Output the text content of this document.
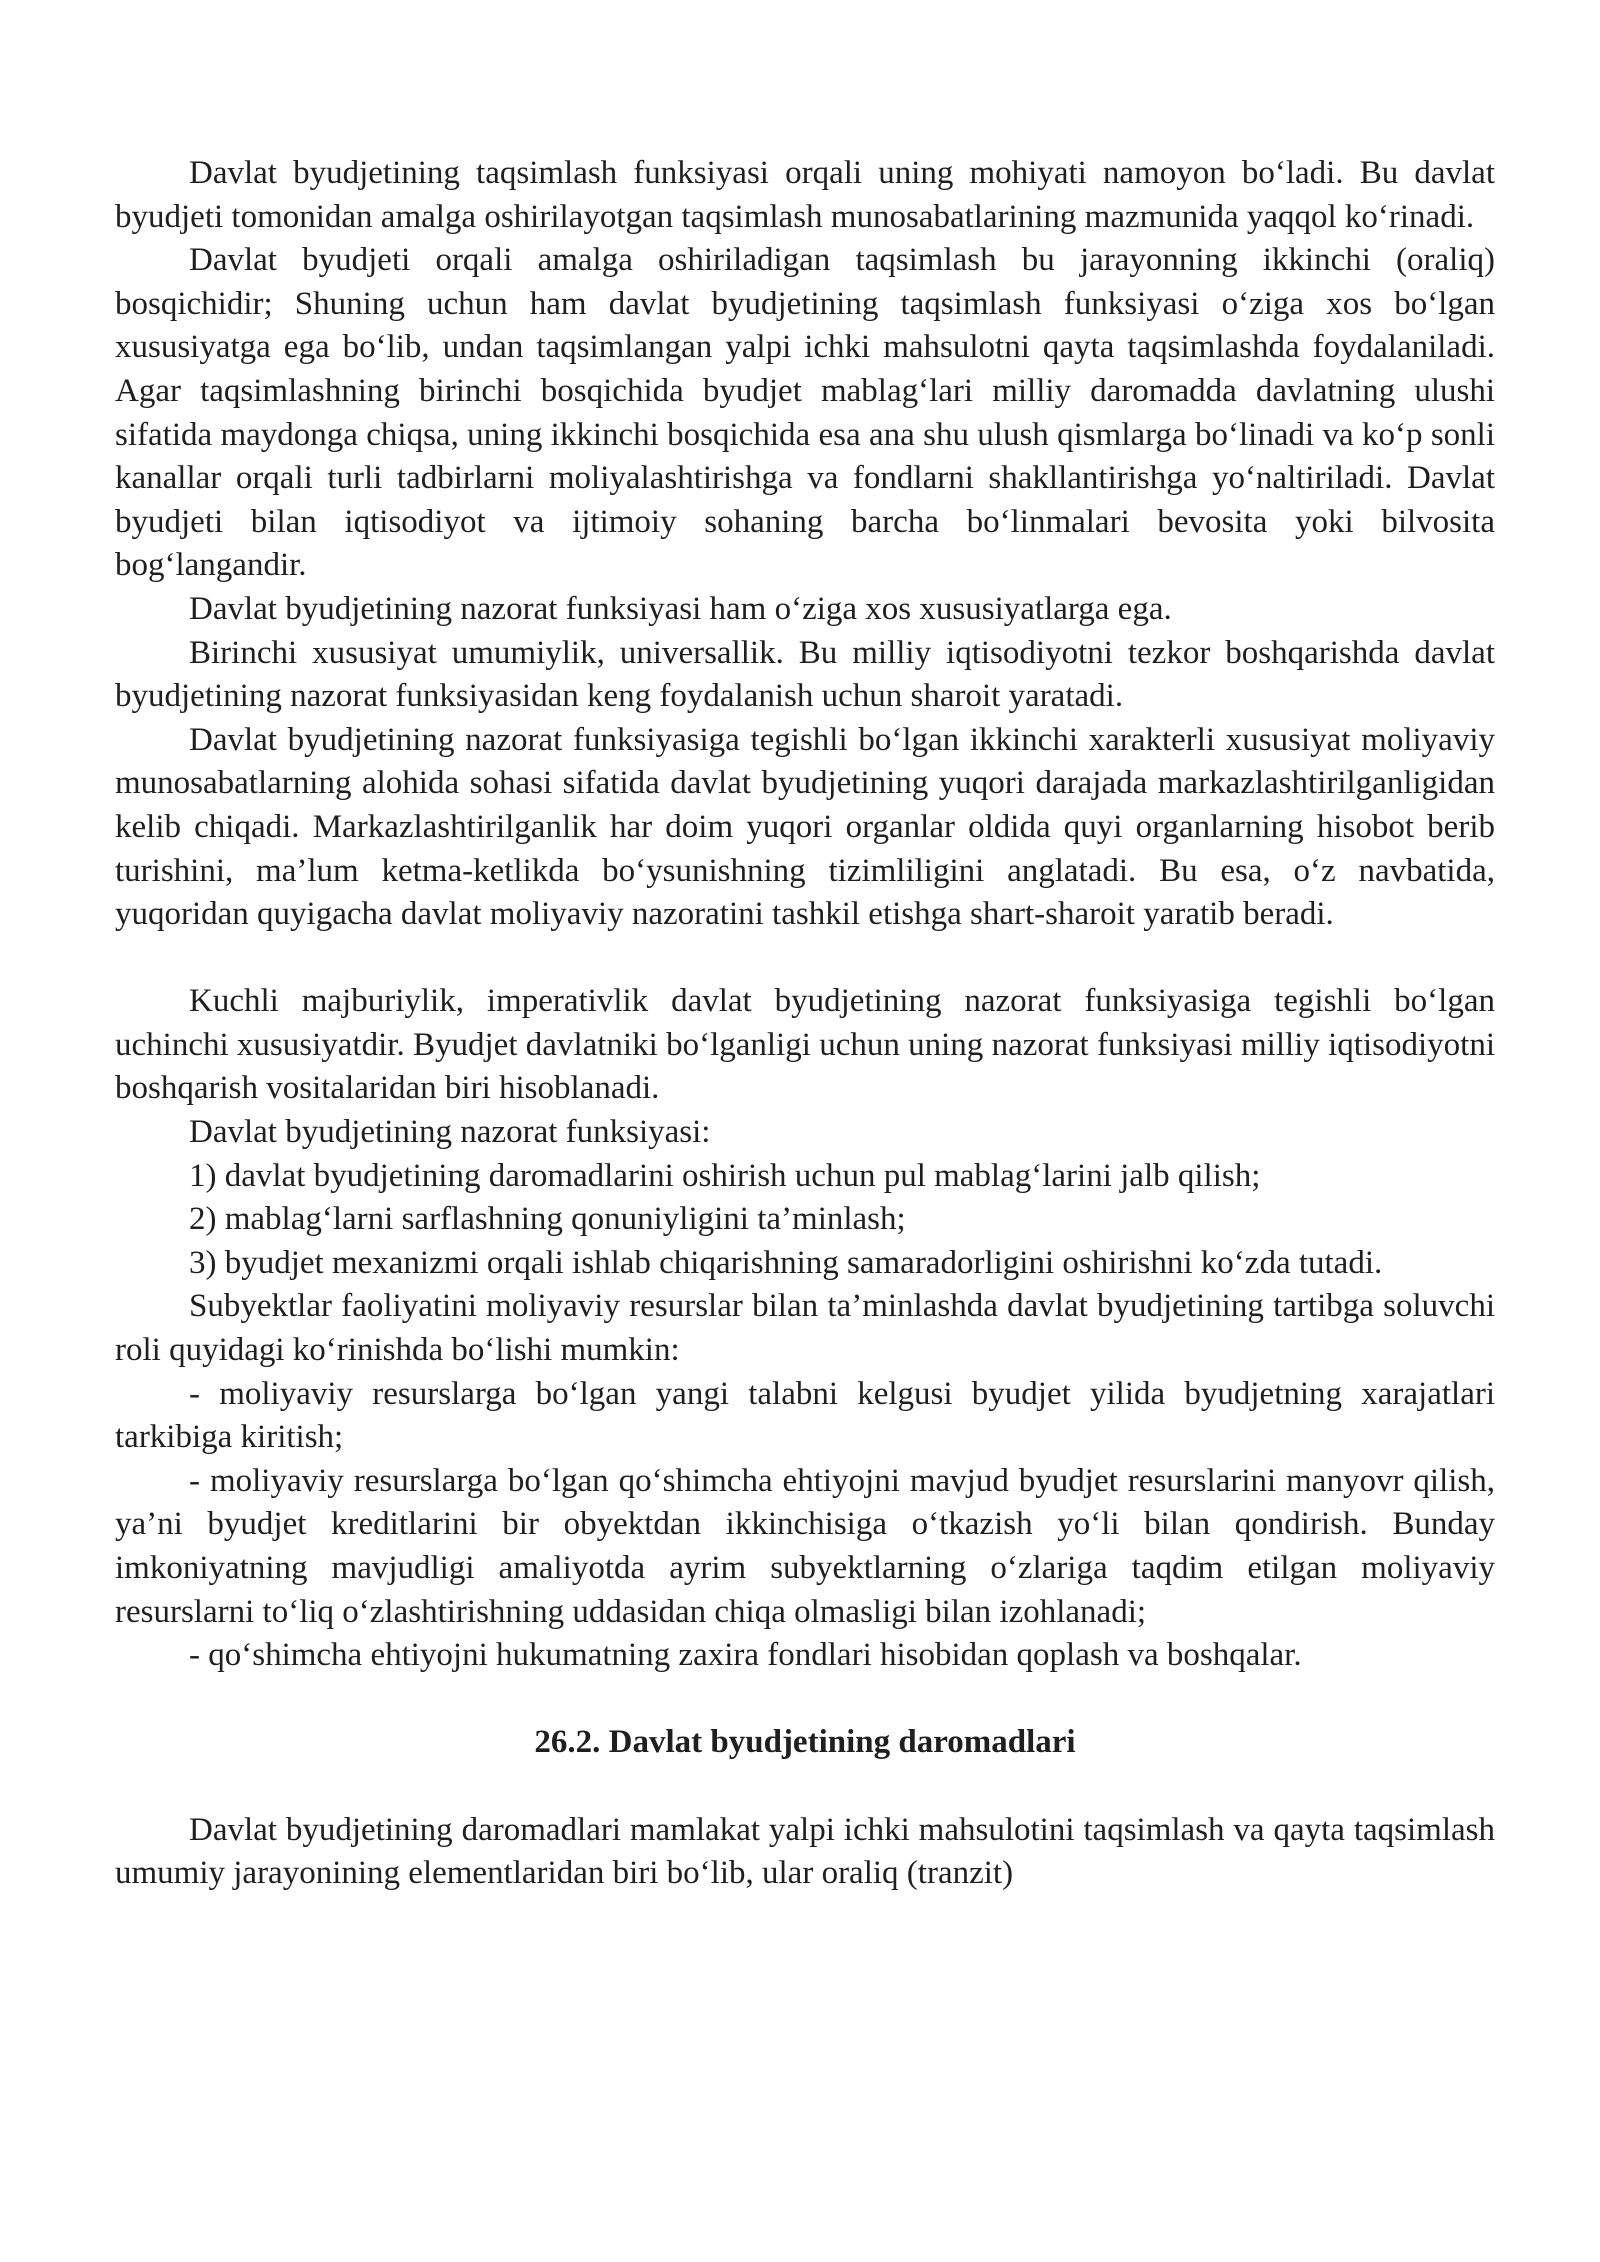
Davlat byudjetining taqsimlash funksiyasi orqali uning mohiyati namoyon bo‘ladi. Bu davlat byudjeti tomonidan amalga oshirilayotgan taqsimlash munosabatlarining mazmunida yaqqol ko‘rinadi.

Davlat byudjeti orqali amalga oshiriladigan taqsimlash bu jarayonning ikkinchi (oraliq) bosqichidir; Shuning uchun ham davlat byudjetining taqsimlash funksiyasi o‘ziga xos bo‘lgan xususiyatga ega bo‘lib, undan taqsimlangan yalpi ichki mahsulotni qayta taqsimlashda foydalaniladi. Agar taqsimlashning birinchi bosqichida byudjet mablag‘lari milliy daromadda davlatning ulushi sifatida maydonga chiqsa, uning ikkinchi bosqichida esa ana shu ulush qismlarga bo‘linadi va ko‘p sonli kanallar orqali turli tadbirlarni moliyalashtirishga va fondlarni shakllantirishga yo‘naltiriladi. Davlat byudjeti bilan iqtisodiyot va ijtimoiy sohaning barcha bo‘linmalari bevosita yoki bilvosita bog‘langandir.

Davlat byudjetining nazorat funksiyasi ham o‘ziga xos xususiyatlarga ega.

Birinchi xususiyat umumiylik, universallik. Bu milliy iqtisodiyotni tezkor boshqarishda davlat byudjetining nazorat funksiyasidan keng foydalanish uchun sharoit yaratadi.

Davlat byudjetining nazorat funksiyasiga tegishli bo‘lgan ikkinchi xarakterli xususiyat moliyaviy munosabatlarning alohida sohasi sifatida davlat byudjetining yuqori darajada markazlashtirilganligidan kelib chiqadi. Markazlashtirilganlik har doim yuqori organlar oldida quyi organlarning hisobot berib turishini, ma’lum ketma-ketlikda bo‘ysunishning tizimliligini anglatadi. Bu esa, o‘z navbatida, yuqoridan quyigacha davlat moliyaviy nazoratini tashkil etishga shart-sharoit yaratib beradi.

Kuchli majburiylik, imperativlik davlat byudjetining nazorat funksiyasiga tegishli bo‘lgan uchinchi xususiyatdir. Byudjet davlatniki bo‘lganligi uchun uning nazorat funksiyasi milliy iqtisodiyotni boshqarish vositalaridan biri hisoblanadi.

Davlat byudjetining nazorat funksiyasi:

1) davlat byudjetining daromadlarini oshirish uchun pul mablag‘larini jalb qilish;

2) mablag‘larni sarflashning qonuniyligini ta’minlash;

3) byudjet mexanizmi orqali ishlab chiqarishning samaradorligini oshirishni ko‘zda tutadi.

Subyektlar faoliyatini moliyaviy resurslar bilan ta’minlashda davlat byudjetining tartibga soluvchi roli quyidagi ko‘rinishda bo‘lishi mumkin:

- moliyaviy resurslarga bo‘lgan yangi talabni kelgusi byudjet yilida byudjetning xarajatlari tarkibiga kiritish;

- moliyaviy resurslarga bo‘lgan qo‘shimcha ehtiyojni mavjud byudjet resurslarini manyovr qilish, ya’ni byudjet kreditlarini bir obyektdan ikkinchisiga o‘tkazish yo‘li bilan qondirish. Bunday imkoniyatning mavjudligi amaliyotda ayrim subyektlarning o‘zlariga taqdim etilgan moliyaviy resurslarni to‘liq o‘zlashtirishning uddasidan chiqa olmasligi bilan izohlanadi;

- qo‘shimcha ehtiyojni hukumatning zaxira fondlari hisobidan qoplash va boshqalar.

26.2. Davlat byudjetining daromadlari

Davlat byudjetining daromadlari mamlakat yalpi ichki mahsulotini taqsimlash va qayta taqsimlash umumiy jarayonining elementlaridan biri bo‘lib, ular oraliq (tranzit)
